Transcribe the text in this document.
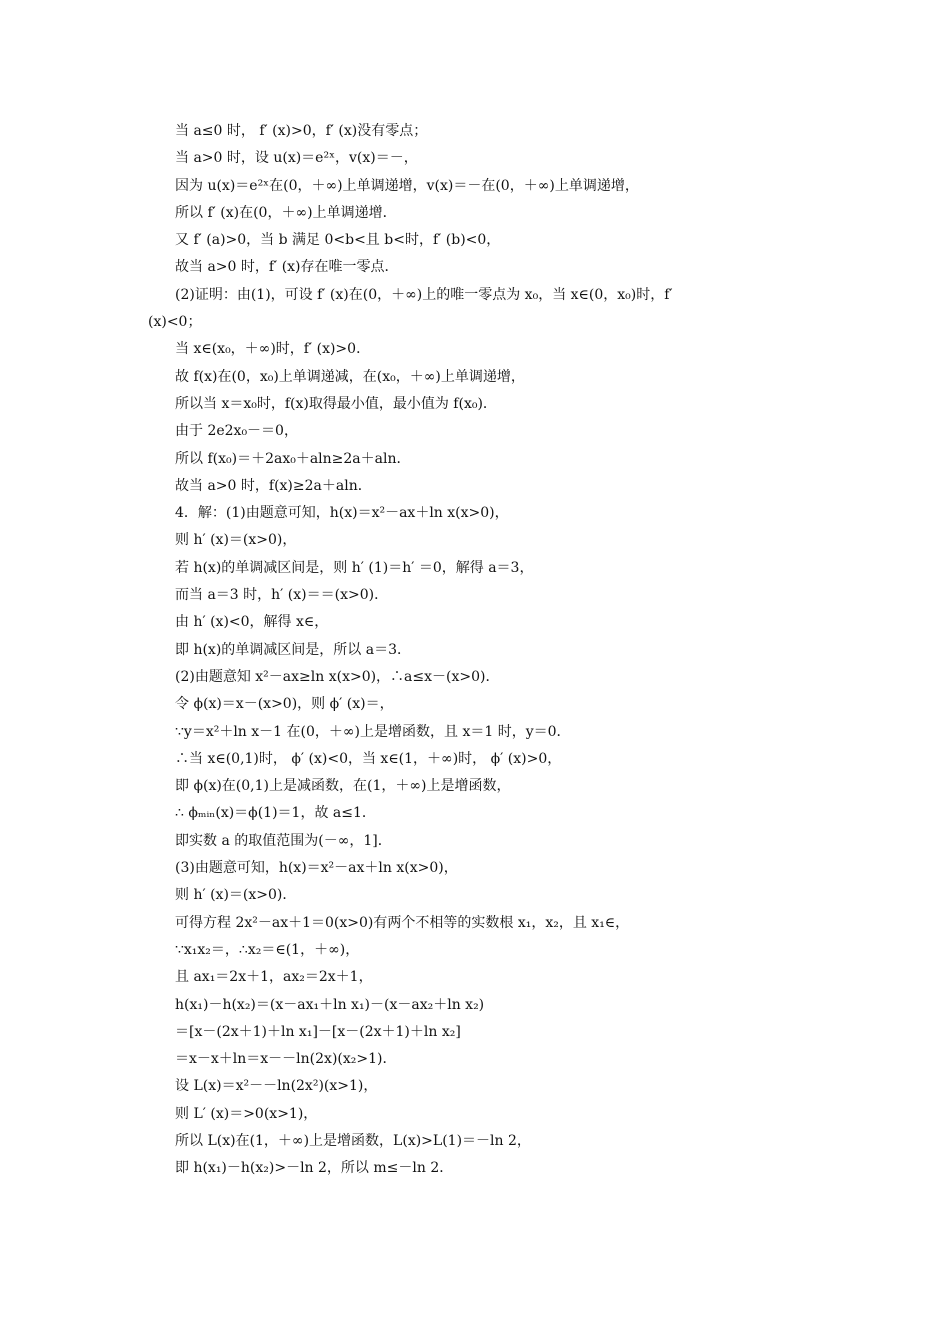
当 a≤0 时， f′ (x)>0，f′ (x)没有零点；
当 a>0 时，设 u(x)＝e²ˣ，v(x)＝－，
因为 u(x)＝e²ˣ在(0，＋∞)上单调递增，v(x)＝－在(0，＋∞)上单调递增，
所以 f′ (x)在(0，＋∞)上单调递增．
又 f′ (a)>0，当 b 满足 0<b<且 b<时，f′ (b)<0，
故当 a>0 时，f′ (x)存在唯一零点．
(2)证明：由(1)，可设 f′ (x)在(0，＋∞)上的唯一零点为 x₀，当 x∈(0，x₀)时，f′
(x)<0；
当 x∈(x₀，＋∞)时，f′ (x)>0．
故 f(x)在(0，x₀)上单调递减，在(x₀，＋∞)上单调递增，
所以当 x＝x₀时，f(x)取得最小值，最小值为 f(x₀)．
由于 2e2x₀－＝0，
所以 f(x₀)＝＋2ax₀＋aln≥2a＋aln．
故当 a>0 时，f(x)≥2a＋aln．
4．解：(1)由题意可知，h(x)＝x²－ax＋ln x(x>0)，
则 h′ (x)＝(x>0)，
若 h(x)的单调减区间是，则 h′ (1)＝h′ ＝0，解得 a＝3，
而当 a＝3 时，h′ (x)＝＝(x>0)．
由 h′ (x)<0，解得 x∈，
即 h(x)的单调减区间是，所以 a＝3．
(2)由题意知 x²－ax≥ln x(x>0)，∴a≤x－(x>0)．
令 ϕ(x)＝x－(x>0)，则 ϕ′ (x)＝，
∵y＝x²＋ln x－1 在(0，＋∞)上是增函数，且 x＝1 时，y＝0．
∴当 x∈(0,1)时， ϕ′ (x)<0，当 x∈(1，＋∞)时， ϕ′ (x)>0，
即 ϕ(x)在(0,1)上是减函数，在(1，＋∞)上是增函数，
∴ ϕₘᵢₙ(x)＝ϕ(1)＝1，故 a≤1．
即实数 a 的取值范围为(－∞，1]．
(3)由题意可知，h(x)＝x²－ax＋ln x(x>0)，
则 h′ (x)＝(x>0)．
可得方程 2x²－ax＋1＝0(x>0)有两个不相等的实数根 x₁，x₂，且 x₁∈，
∵x₁x₂＝，∴x₂＝∈(1，＋∞)，
且 ax₁＝2x＋1，ax₂＝2x＋1，
h(x₁)－h(x₂)＝(x－ax₁＋ln x₁)－(x－ax₂＋ln x₂)
＝[x－(2x＋1)＋ln x₁]－[x－(2x＋1)＋ln x₂]
＝x－x＋ln＝x－－ln(2x)(x₂>1)．
设 L(x)＝x²－－ln(2x²)(x>1)，
则 L′ (x)＝>0(x>1)，
所以 L(x)在(1，＋∞)上是增函数，L(x)>L(1)＝－ln 2，
即 h(x₁)－h(x₂)>－ln 2，所以 m≤－ln 2．
